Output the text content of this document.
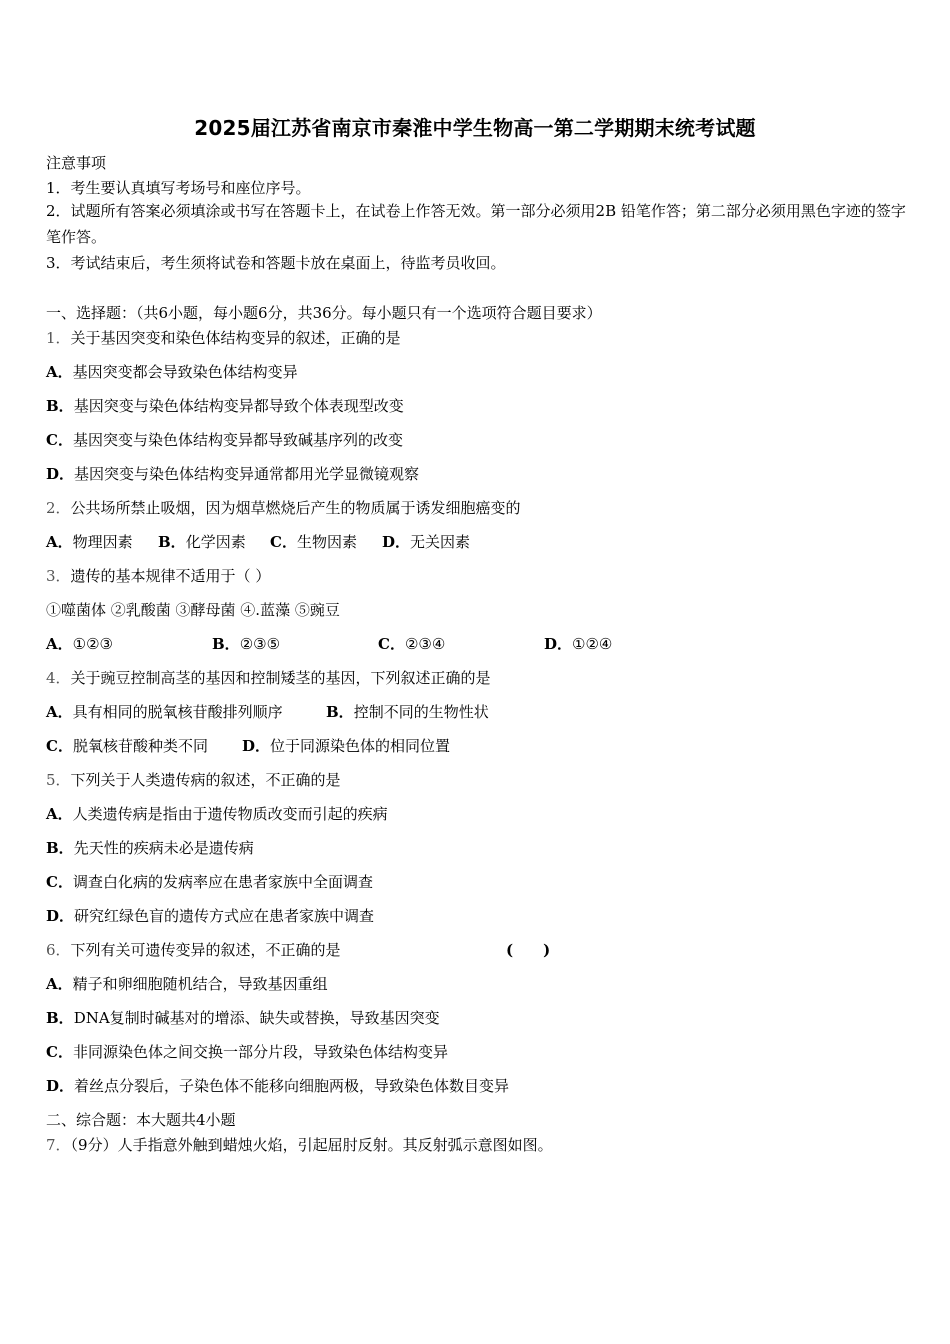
2025届江苏省南京市秦淮中学生物高一第二学期期末统考试题
注意事项
1．考生要认真填写考场号和座位序号。
2．试题所有答案必须填涂或书写在答题卡上，在试卷上作答无效。第一部分必须用2B 铅笔作答；第二部分必须用黑色字迹的签字笔作答。
3．考试结束后，考生须将试卷和答题卡放在桌面上，待监考员收回。
一、选择题：（共6小题，每小题6分，共36分。每小题只有一个选项符合题目要求）
1．关于基因突变和染色体结构变异的叙述，正确的是
A．基因突变都会导致染色体结构变异
B．基因突变与染色体结构变异都导致个体表现型改变
C．基因突变与染色体结构变异都导致碱基序列的改变
D．基因突变与染色体结构变异通常都用光学显微镜观察
2．公共场所禁止吸烟，因为烟草燃烧后产生的物质属于诱发细胞癌变的
A．物理因素	B．化学因素	C．生物因素	D．无关因素
3．遗传的基本规律不适用于（ ）
①噬菌体 ②乳酸菌 ③酵母菌 ④.蓝藻 ⑤豌豆
A．①②③	B．②③⑤	C．②③④	D．①②④
4．关于豌豆控制高茎的基因和控制矮茎的基因，下列叙述正确的是
A．具有相同的脱氧核苷酸排列顺序	B．控制不同的生物性状
C．脱氧核苷酸种类不同	D．位于同源染色体的相同位置
5．下列关于人类遗传病的叙述，不正确的是
A．人类遗传病是指由于遗传物质改变而引起的疾病
B．先天性的疾病未必是遗传病
C．调查白化病的发病率应在患者家族中全面调查
D．研究红绿色盲的遗传方式应在患者家族中调查
6．下列有关可遗传变异的叙述，不正确的是	(　　)
A．精子和卵细胞随机结合，导致基因重组
B．DNA复制时碱基对的增添、缺失或替换，导致基因突变
C．非同源染色体之间交换一部分片段，导致染色体结构变异
D．着丝点分裂后，子染色体不能移向细胞两极，导致染色体数目变异
二、综合题：本大题共4小题
7．（9分）人手指意外触到蜡烛火焰，引起屈肘反射。其反射弧示意图如图。
